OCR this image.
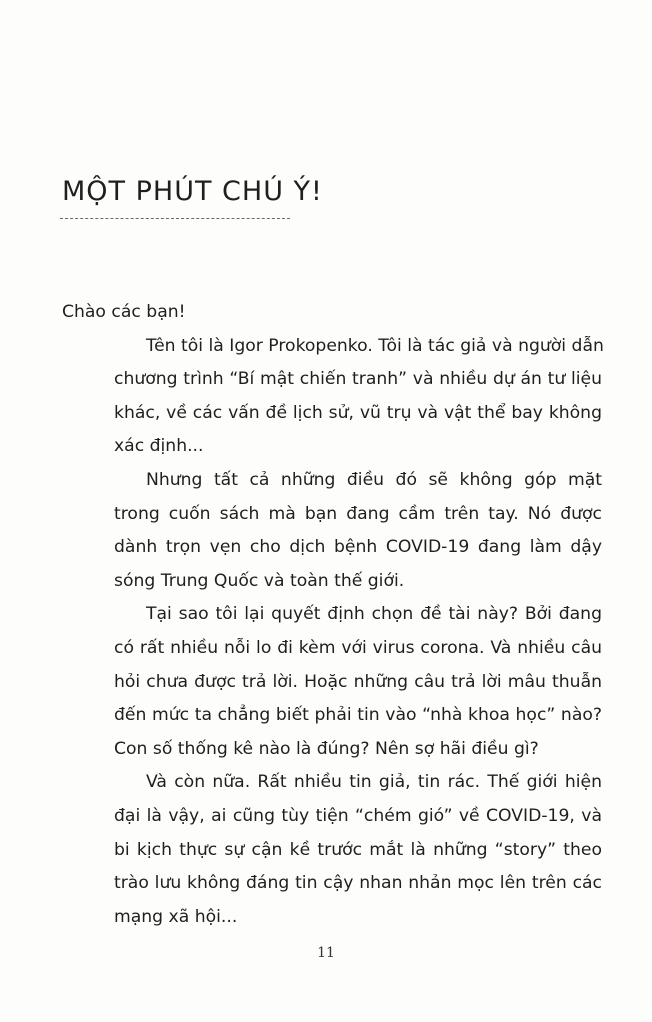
MỘT PHÚT CHÚ Ý!

Chào các bạn!

Tên tôi là Igor Prokopenko. Tôi là tác giả và người dẫn
chương trình “Bí mật chiến tranh” và nhiều dự án tư liệu
khác, về các vấn đề lịch sử, vũ trụ và vật thể bay không
xác định...

Nhưng tất cả những điều đó sẽ không góp mặt
trong cuốn sách mà bạn đang cầm trên tay. Nó được
dành trọn vẹn cho dịch bệnh COVID-19 đang làm dậy
sóng Trung Quốc và toàn thế giới.

Tại sao tôi lại quyết định chọn đề tài này? Bởi đang
có rất nhiều nỗi lo đi kèm với virus corona. Và nhiều câu
hỏi chưa được trả lời. Hoặc những câu trả lời mâu thuẫn
đến mức ta chẳng biết phải tin vào “nhà khoa học” nào?
Con số thống kê nào là đúng? Nên sợ hãi điều gì?

Và còn nữa. Rất nhiều tin giả, tin rác. Thế giới hiện
đại là vậy, ai cũng tùy tiện “chém gió” về COVID-19, và
bi kịch thực sự cận kề trước mắt là những “story” theo
trào lưu không đáng tin cậy nhan nhản mọc lên trên các
mạng xã hội...

11
